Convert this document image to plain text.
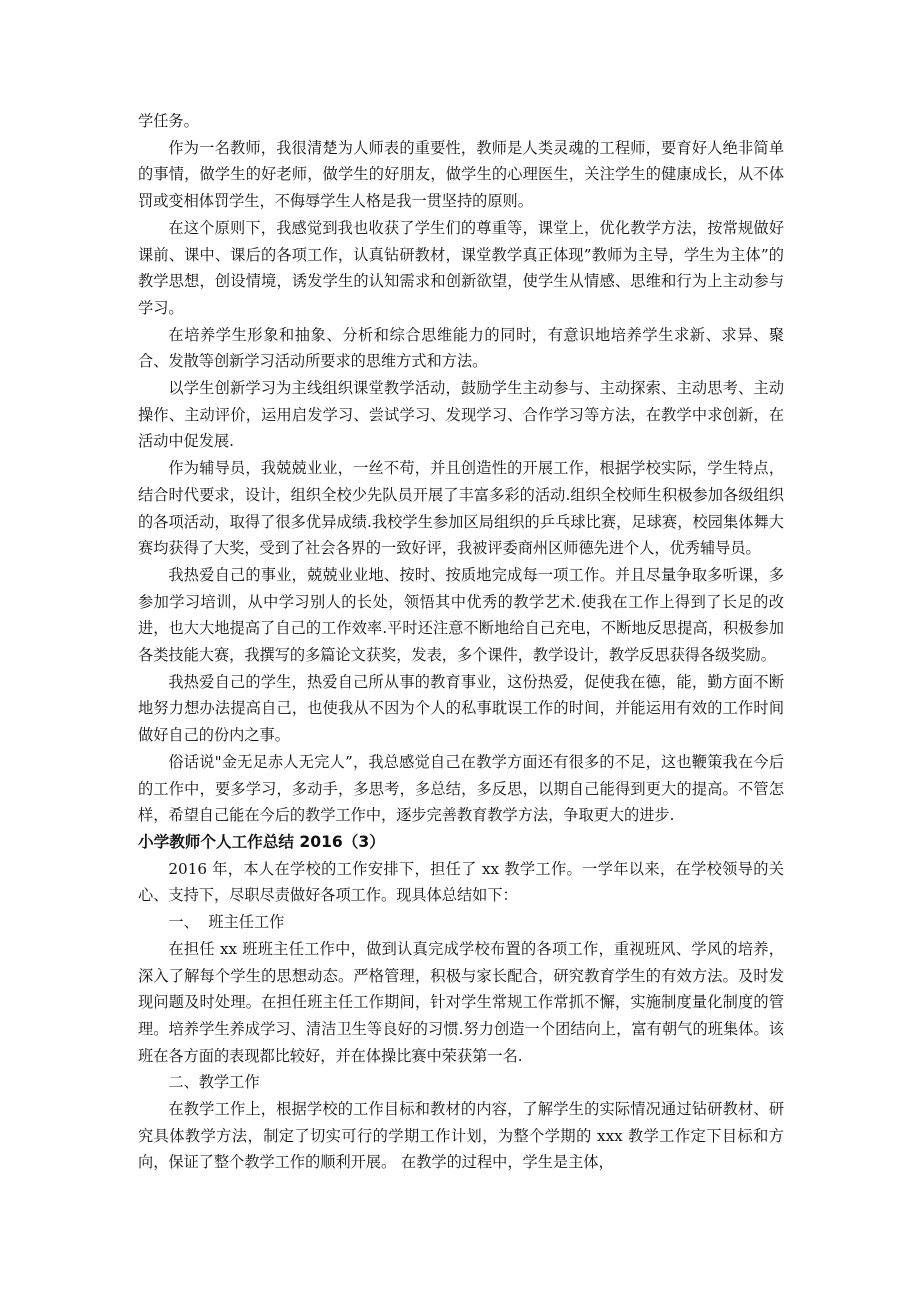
学任务。

作为一名教师，我很清楚为人师表的重要性，教师是人类灵魂的工程师，要育好人绝非简单的事情，做学生的好老师，做学生的好朋友，做学生的心理医生，关注学生的健康成长，从不体罚或变相体罚学生，不侮辱学生人格是我一贯坚持的原则。

在这个原则下，我感觉到我也收获了学生们的尊重等，课堂上，优化教学方法，按常规做好课前、课中、课后的各项工作，认真钻研教材，课堂教学真正体现”教师为主导，学生为主体”的教学思想，创设情境，诱发学生的认知需求和创新欲望，使学生从情感、思维和行为上主动参与学习。

在培养学生形象和抽象、分析和综合思维能力的同时，有意识地培养学生求新、求异、聚合、发散等创新学习活动所要求的思维方式和方法。

以学生创新学习为主线组织课堂教学活动，鼓励学生主动参与、主动探索、主动思考、主动操作、主动评价，运用启发学习、尝试学习、发现学习、合作学习等方法，在教学中求创新，在活动中促发展.

作为辅导员，我兢兢业业，一丝不苟，并且创造性的开展工作，根据学校实际，学生特点，结合时代要求，设计，组织全校少先队员开展了丰富多彩的活动.组织全校师生积极参加各级组织的各项活动，取得了很多优异成绩.我校学生参加区局组织的乒乓球比赛，足球赛，校园集体舞大赛均获得了大奖，受到了社会各界的一致好评，我被评委商州区师德先进个人，优秀辅导员。

我热爱自己的事业，兢兢业业地、按时、按质地完成每一项工作。并且尽量争取多听课，多参加学习培训，从中学习别人的长处，领悟其中优秀的教学艺术.使我在工作上得到了长足的改进，也大大地提高了自己的工作效率.平时还注意不断地给自己充电，不断地反思提高，积极参加各类技能大赛，我撰写的多篇论文获奖，发表，多个课件，教学设计，教学反思获得各级奖励。

我热爱自己的学生，热爱自己所从事的教育事业，这份热爱，促使我在德，能，勤方面不断地努力想办法提高自己，也使我从不因为个人的私事耽误工作的时间，并能运用有效的工作时间做好自己的份内之事。

俗话说"金无足赤人无完人”，我总感觉自己在教学方面还有很多的不足，这也鞭策我在今后的工作中，要多学习，多动手，多思考，多总结，多反思，以期自己能得到更大的提高。不管怎样，希望自己能在今后的教学工作中，逐步完善教育教学方法，争取更大的进步.

小学教师个人工作总结 2016（3）

2016 年，本人在学校的工作安排下，担任了 xx 教学工作。一学年以来，在学校领导的关心、支持下，尽职尽责做好各项工作。现具体总结如下：

一、  班主任工作

在担任 xx 班班主任工作中，做到认真完成学校布置的各项工作，重视班风、学风的培养，深入了解每个学生的思想动态。严格管理，积极与家长配合，研究教育学生的有效方法。及时发现问题及时处理。在担任班主任工作期间，针对学生常规工作常抓不懈，实施制度量化制度的管理。培养学生养成学习、清洁卫生等良好的习惯.努力创造一个团结向上，富有朝气的班集体。该班在各方面的表现都比较好，并在体操比赛中荣获第一名.

二、教学工作

在教学工作上，根据学校的工作目标和教材的内容，了解学生的实际情况通过钻研教材、研究具体教学方法，制定了切实可行的学期工作计划，为整个学期的 xxx 教学工作定下目标和方向，保证了整个教学工作的顺利开展。 在教学的过程中，学生是主体，
